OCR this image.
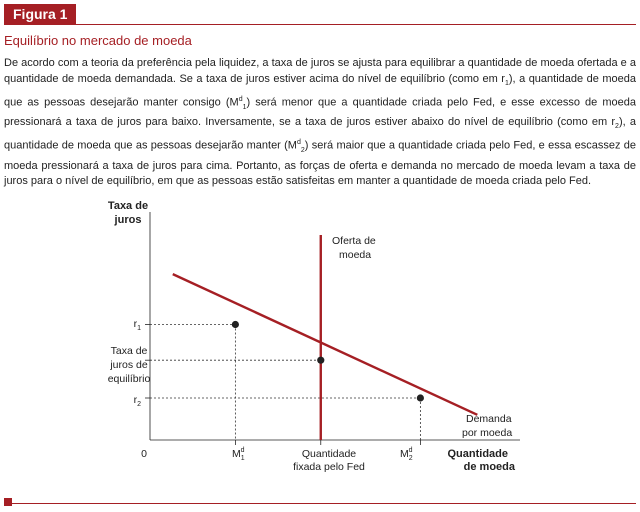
Figura 1
Equilíbrio no mercado de moeda
De acordo com a teoria da preferência pela liquidez, a taxa de juros se ajusta para equilibrar a quantidade de moeda ofertada e a quantidade de moeda demandada. Se a taxa de juros estiver acima do nível de equilíbrio (como em $r_1$), a quantidade de moeda que as pessoas desejarão manter consigo $(M^d_1)$ será menor que a quantidade criada pelo Fed, e esse excesso de moeda pressionará a taxa de juros para baixo. Inversamente, se a taxa de juros estiver abaixo do nível de equilíbrio (como em $r_2$), a quantidade de moeda que as pessoas desejarão manter $(M^d_2)$ será maior que a quantidade criada pelo Fed, e essa escassez de moeda pressionará a taxa de juros para cima. Portanto, as forças de oferta e demanda no mercado de moeda levam a taxa de juros para o nível de equilíbrio, em que as pessoas estão satisfeitas em manter a quantidade de moeda criada pelo Fed.
Taxa de
juros
Quantidade
de moeda
0
Oferta de
moeda
Demanda
por moeda
$r_1$
Taxa de
juros de
equilíbrio
$r_2$
$M_1d$	Quantidade
fixada pelo Fed
$M_2d$
